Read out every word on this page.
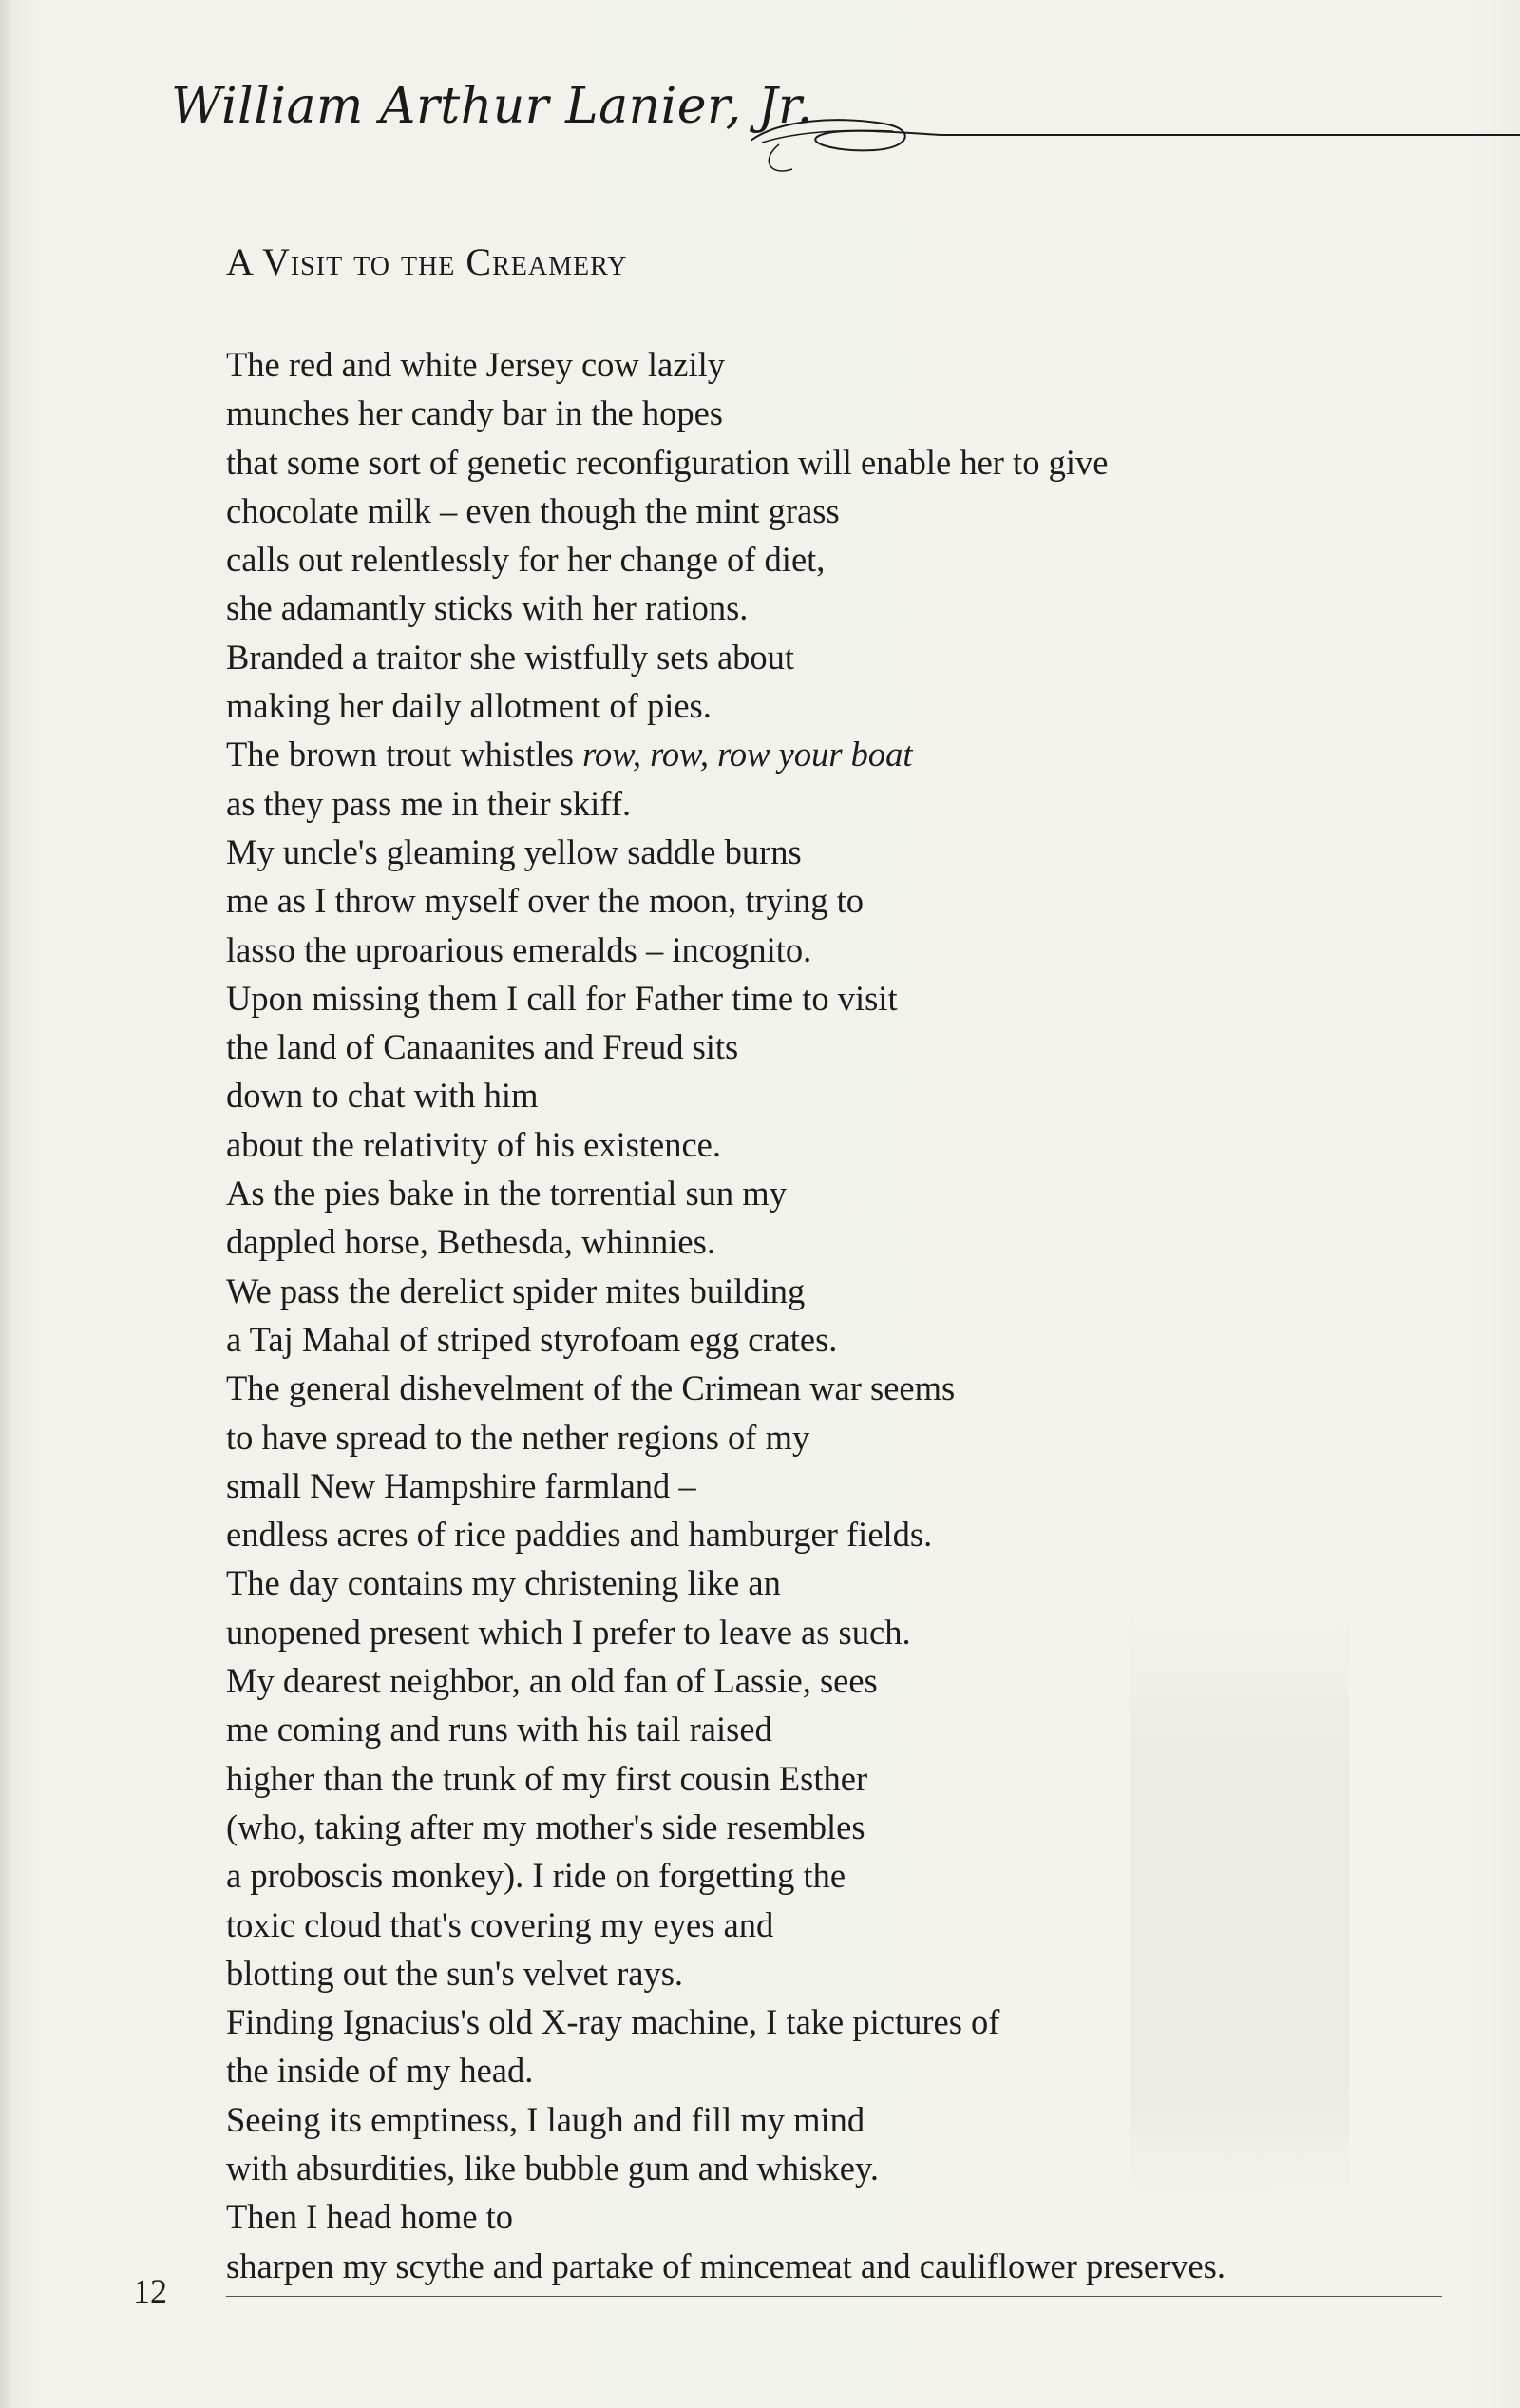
William Arthur Lanier, Jr.
A Visit to the Creamery
The red and white Jersey cow lazily
munches her candy bar in the hopes
that some sort of genetic reconfiguration will enable her to give
chocolate milk – even though the mint grass
calls out relentlessly for her change of diet,
she adamantly sticks with her rations.
Branded a traitor she wistfully sets about
making her daily allotment of pies.
The brown trout whistles row, row, row your boat
as they pass me in their skiff.
My uncle's gleaming yellow saddle burns
me as I throw myself over the moon, trying to
lasso the uproarious emeralds – incognito.
Upon missing them I call for Father time to visit
the land of Canaanites and Freud sits
down to chat with him
about the relativity of his existence.
As the pies bake in the torrential sun my
dappled horse, Bethesda, whinnies.
We pass the derelict spider mites building
a Taj Mahal of striped styrofoam egg crates.
The general dishevelment of the Crimean war seems
to have spread to the nether regions of my
small New Hampshire farmland –
endless acres of rice paddies and hamburger fields.
The day contains my christening like an
unopened present which I prefer to leave as such.
My dearest neighbor, an old fan of Lassie, sees
me coming and runs with his tail raised
higher than the trunk of my first cousin Esther
(who, taking after my mother's side resembles
a proboscis monkey). I ride on forgetting the
toxic cloud that's covering my eyes and
blotting out the sun's velvet rays.
Finding Ignacius's old X-ray machine, I take pictures of
the inside of my head.
Seeing its emptiness, I laugh and fill my mind
with absurdities, like bubble gum and whiskey.
Then I head home to
sharpen my scythe and partake of mincemeat and cauliflower preserves.
12
